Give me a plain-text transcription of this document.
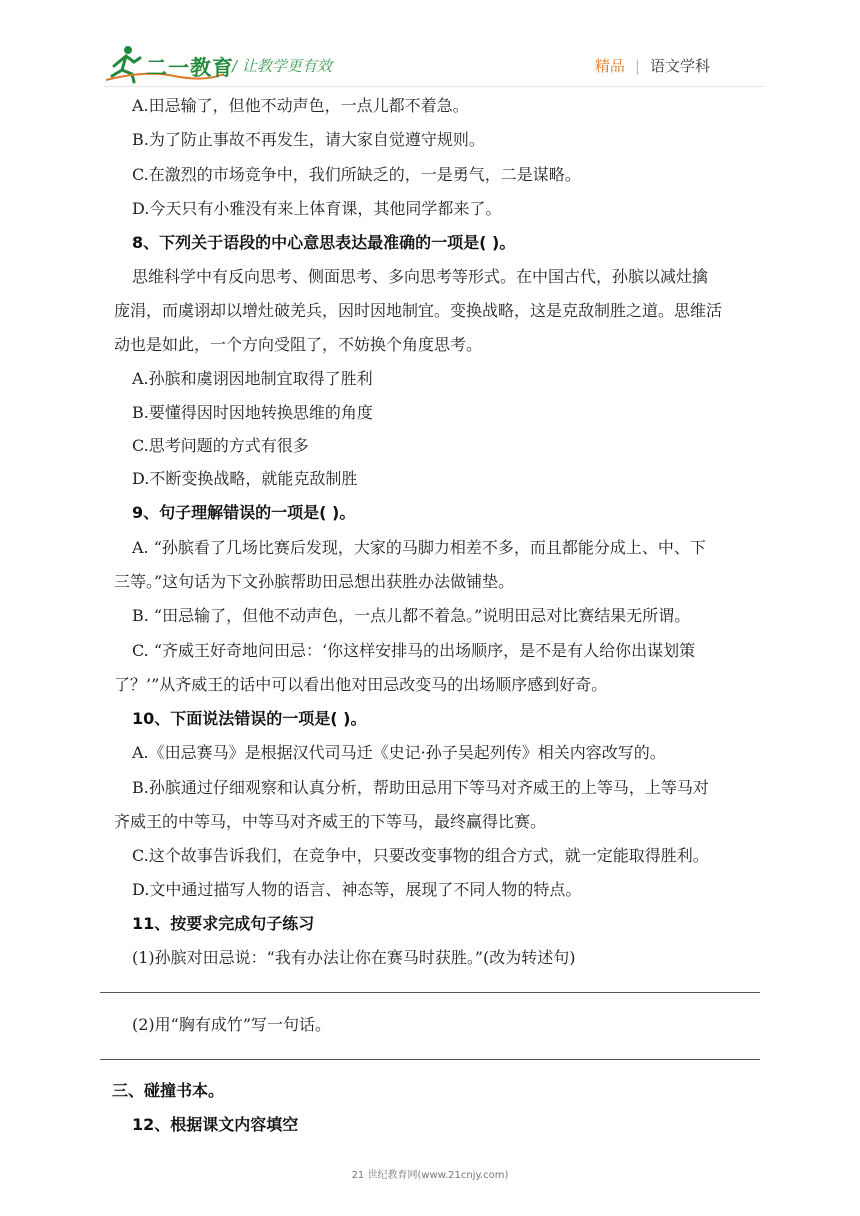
二一教育
/ 让教学更有效	精品 | 语文学科
A.田忌输了，但他不动声色，一点儿都不着急。
B.为了防止事故不再发生，请大家自觉遵守规则。
C.在激烈的市场竞争中，我们所缺乏的，一是勇气，二是谋略。
D.今天只有小雅没有来上体育课，其他同学都来了。
8、下列关于语段的中心意思表达最准确的一项是( )。
思维科学中有反向思考、侧面思考、多向思考等形式。在中国古代，孙膑以减灶擒
庞涓，而虞诩却以增灶破羌兵，因时因地制宜。变换战略，这是克敌制胜之道。思维活
动也是如此，一个方向受阻了，不妨换个角度思考。
A.孙膑和虞诩因地制宜取得了胜利
B.要懂得因时因地转换思维的角度
C.思考问题的方式有很多
D.不断变换战略，就能克敌制胜
9、句子理解错误的一项是( )。
A. “孙膑看了几场比赛后发现，大家的马脚力相差不多，而且都能分成上、中、下
三等。”这句话为下文孙膑帮助田忌想出获胜办法做铺垫。
B. “田忌输了，但他不动声色，一点儿都不着急。”说明田忌对比赛结果无所谓。
C. “齐威王好奇地问田忌：‘你这样安排马的出场顺序，是不是有人给你出谋划策
了？’”从齐威王的话中可以看出他对田忌改变马的出场顺序感到好奇。
10、下面说法错误的一项是( )。
A.《田忌赛马》是根据汉代司马迁《史记·孙子吴起列传》相关内容改写的。
B.孙膑通过仔细观察和认真分析，帮助田忌用下等马对齐威王的上等马，上等马对
齐威王的中等马，中等马对齐威王的下等马，最终赢得比赛。
C.这个故事告诉我们，在竞争中，只要改变事物的组合方式，就一定能取得胜利。
D.文中通过描写人物的语言、神态等，展现了不同人物的特点。
11、按要求完成句子练习
(1)孙膑对田忌说：“我有办法让你在赛马时获胜。”(改为转述句)
(2)用“胸有成竹”写一句话。
三、碰撞书本。
12、根据课文内容填空
21 世纪教育网(www.21cnjy.com)
